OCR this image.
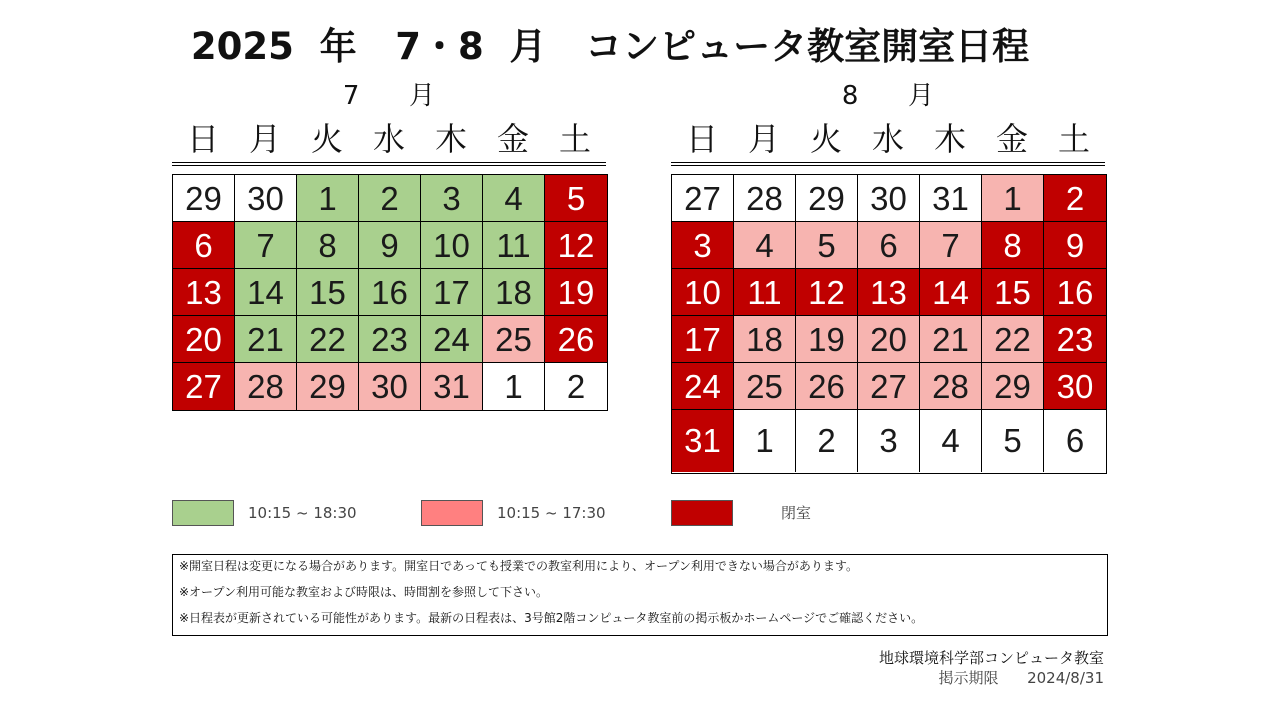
2025  年   7・8  月   コンピュータ教室開室日程
7      月
日 月 火 水 木 金 土
29 30	1	2	3	4	5
6	7	8	9	10 11 12
13 14 15 16 17 18 19
20 21 22 23 24 25 26
27 28 29 30 31	1	2
8      月
日 月 火 水 木 金 土
27 28 29 30 31	1	2
3	4	5	6	7	8	9
10 11 12 13 14 15 16
17 18 19 20 21 22 23
24 25 26 27 28 29 30
31	1	2	3	4	5	6
10:15 ~ 18:30	10:15 ~ 17:30	閉室
※開室日程は変更になる場合があります。開室日であっても授業での教室利用により、オープン利用できない場合があります。
※オープン利用可能な教室および時限は、時間割を参照して下さい。
※日程表が更新されている可能性があります。最新の日程表は、3号館2階コンピュータ教室前の掲示板かホームページでご確認ください。
地球環境科学部コンピュータ教室
掲示期限 2024/8/31
